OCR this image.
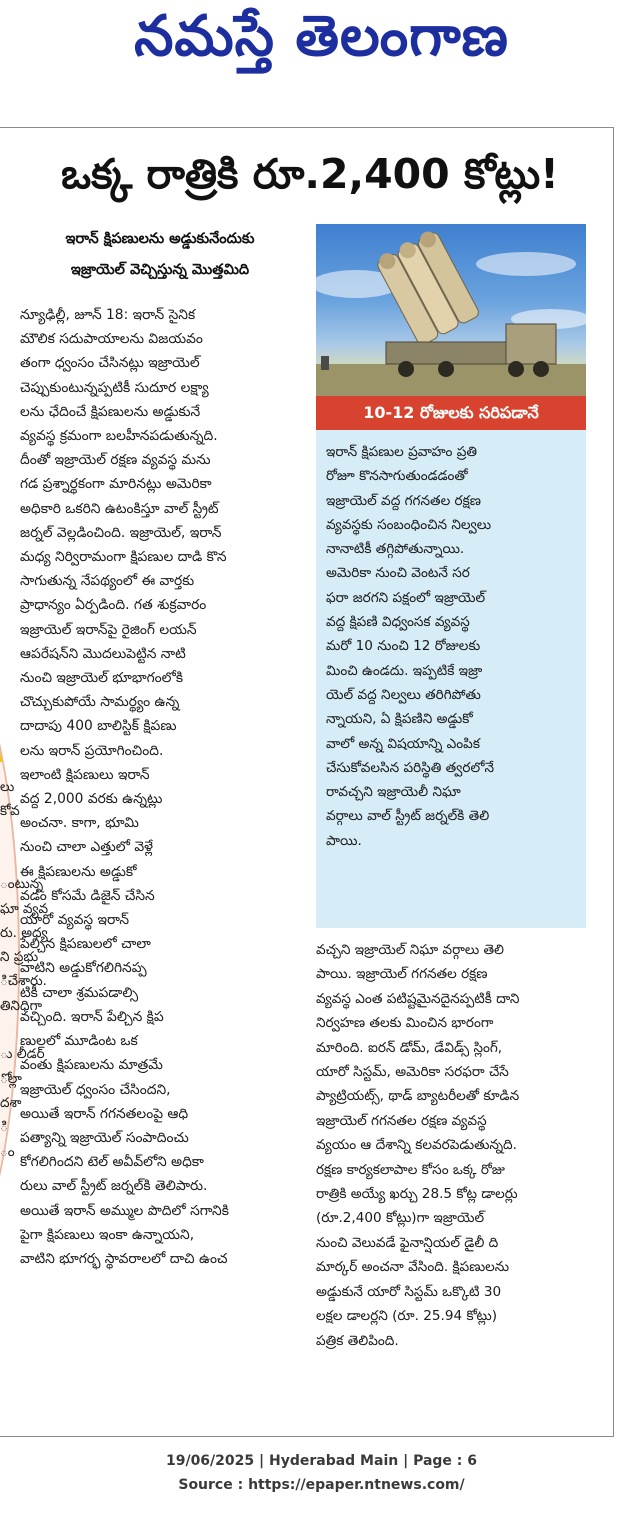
నమస్తే తెలంగాణ
లు
కోవ
ంటున్న
ఘా వ్యవ
రు. అధ్య
ని ప్రభు
ిచేశారు.
తినిధిగా
ు లీడర్
ోల్లా
దశా
ి
ం
ఒక్క రాత్రికి రూ.2,400 కోట్లు!
ఇరాన్ క్షిపణులను అడ్డుకునేందుకు
ఇజ్రాయెల్ వెచ్చిస్తున్న మొత్తమిది
న్యూఢిల్లీ, జూన్ 18: ఇరాన్ సైనిక
మౌలిక సదుపాయాలను విజయవం
తంగా ధ్వంసం చేసినట్లు ఇజ్రాయెల్
చెప్పుకుంటున్నప్పటికీ సుదూర లక్ష్యా
లను ఛేదించే క్షిపణులను అడ్డుకునే
వ్యవస్థ క్రమంగా బలహీనపడుతున్నది.
దీంతో ఇజ్రాయెల్ రక్షణ వ్యవస్థ మను
గడ ప్రశ్నార్థకంగా మారినట్లు అమెరికా
అధికారి ఒకరిని ఉటంకిస్తూ వాల్ స్ట్రీట్
జర్నల్ వెల్లడించింది. ఇజ్రాయెల్, ఇరాన్
మధ్య నిర్విరామంగా క్షిపణుల దాడి కొన
సాగుతున్న నేపథ్యంలో ఈ వార్తకు
ప్రాధాన్యం ఏర్పడింది. గత శుక్రవారం
ఇజ్రాయెల్ ఇరాన్‌పై రైజింగ్ లయన్
ఆపరేషన్‌ని మొదలుపెట్టిన నాటి
నుంచి ఇజ్రాయెల్ భూభాగంలోకి
చొచ్చుకుపోయే సామర్థ్యం ఉన్న
దాదాపు 400 బాలిస్టిక్ క్షిపణు
లను ఇరాన్ ప్రయోగించింది.
ఇలాంటి క్షిపణులు ఇరాన్
వద్ద 2,000 వరకు ఉన్నట్లు
అంచనా. కాగా, భూమి
నుంచి చాలా ఎత్తులో వెళ్లే
ఈ క్షిపణులను అడ్డుకో
వడం కోసమే డిజైన్ చేసిన
యారో వ్యవస్థ ఇరాన్
పేల్చిన క్షిపణులలో చాలా
వాటిని అడ్డుకోగలిగినప్ప
టికీ చాలా శ్రమపడాల్సి
వచ్చింది. ఇరాన్ పేల్చిన క్షిప
ణులలో మూడింట ఒక
వంతు క్షిపణులను మాత్రమే
ఇజ్రాయెల్ ధ్వంసం చేసిందని,
అయితే ఇరాన్ గగనతలంపై ఆధి
పత్యాన్ని ఇజ్రాయెల్ సంపాదించు
కోగలిగిందని టెల్ అవీవ్‌లోని అధికా
రులు వాల్ స్ట్రీట్ జర్నల్‌కి తెలిపారు.
అయితే ఇరాన్ అమ్ముల పొదిలో సగానికి
పైగా క్షిపణులు ఇంకా ఉన్నాయని,
వాటిని భూగర్భ స్థావరాలలో దాచి ఉంచ
10-12 రోజులకు సరిపడానే
ఇరాన్ క్షిపణుల ప్రవాహం ప్రతి
రోజూ కొనసాగుతుండడంతో
ఇజ్రాయెల్ వద్ద గగనతల రక్షణ
వ్యవస్థకు సంబంధించిన నిల్వలు
నానాటికీ తగ్గిపోతున్నాయి.
అమెరికా నుంచి వెంటనే సర
ఫరా జరగని పక్షంలో ఇజ్రాయెల్
వద్ద క్షిపణి విధ్వంసక వ్యవస్థ
మరో 10 నుంచి 12 రోజులకు
మించి ఉండదు. ఇప్పటికే ఇజ్రా
యెల్ వద్ద నిల్వలు తరిగిపోతు
న్నాయని, ఏ క్షిపణిని అడ్డుకో
వాలో అన్న విషయాన్ని ఎంపిక
చేసుకోవలసిన పరిస్థితి త్వరలోనే
రావచ్చని ఇజ్రాయెలీ నిఘా
వర్గాలు వాల్ స్ట్రీట్ జర్నల్‌కి తెలి
పాయి.
వచ్చని ఇజ్రాయెల్ నిఘా వర్గాలు తెలి
పాయి. ఇజ్రాయెల్ గగనతల రక్షణ
వ్యవస్థ ఎంత పటిష్టమైనదైనప్పటికీ దాని
నిర్వహణ తలకు మించిన భారంగా
మారింది. ఐరన్ డోమ్, డేవిడ్స్ స్లింగ్,
యారో సిస్టమ్, అమెరికా సరఫరా చేసే
ప్యాట్రియట్స్, థాడ్ బ్యాటరీలతో కూడిన
ఇజ్రాయెల్ గగనతల రక్షణ వ్యవస్థ
వ్యయం ఆ దేశాన్ని కలవరపెడుతున్నది.
రక్షణ కార్యకలాపాల కోసం ఒక్క రోజు
రాత్రికి అయ్యే ఖర్చు 28.5 కోట్ల డాలర్లు
(రూ.2,400 కోట్లు)గా ఇజ్రాయెల్
నుంచి వెలువడే ఫైనాన్షియల్ డైలీ ది
మార్కర్ అంచనా వేసింది. క్షిపణులను
అడ్డుకునే యారో సిస్టమ్ ఒక్కొటి 30
లక్షల డాలర్లని (రూ. 25.94 కోట్లు)
పత్రిక తెలిపింది.
19/06/2025 | Hyderabad Main | Page : 6
Source : https://epaper.ntnews.com/
